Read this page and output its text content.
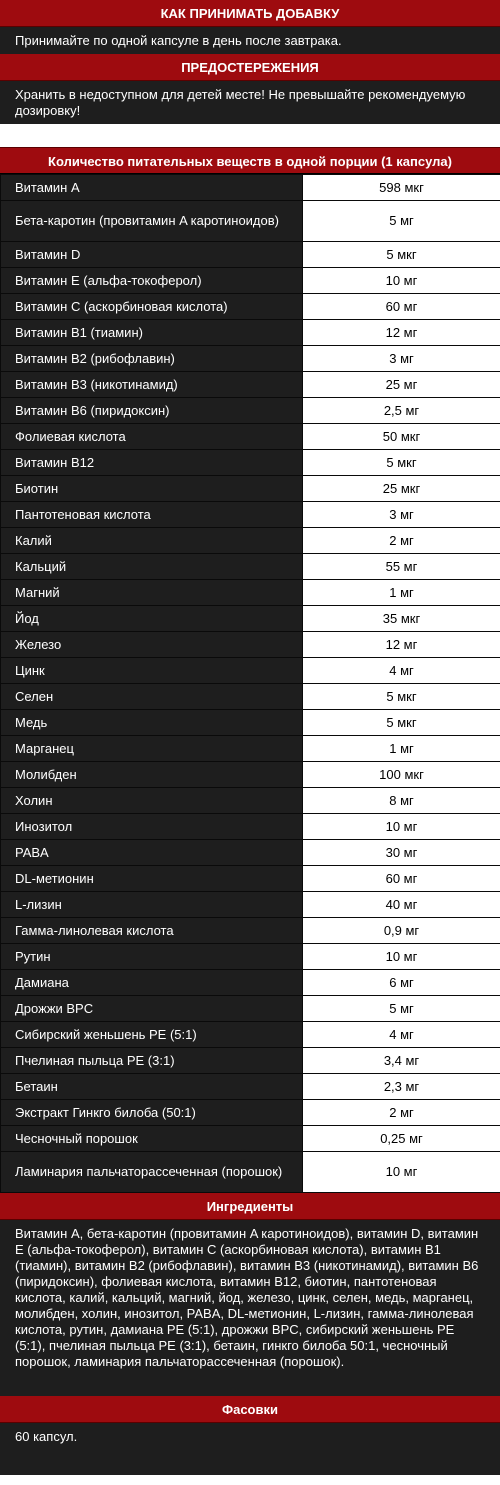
КАК ПРИНИМАТЬ ДОБАВКУ
Принимайте по одной капсуле в день после завтрака.
ПРЕДОСТЕРЕЖЕНИЯ
Хранить в недоступном для детей месте! Не превышайте рекомендуемую дозировку!
Количество питательных веществ в одной порции (1 капсула)
Витамин A	598 мкг
Бета-каротин (провитамин A каротиноидов)	5 мг
Витамин D	5 мкг
Витамин E (альфа-токоферол)	10 мг
Витамин C (аскорбиновая кислота)	60 мг
Витамин B1 (тиамин)	12 мг
Витамин B2 (рибофлавин)	3 мг
Витамин B3 (никотинамид)	25 мг
Витамин B6 (пиридоксин)	2,5 мг
Фолиевая кислота	50 мкг
Витамин B12	5 мкг
Биотин	25 мкг
Пантотеновая кислота	3 мг
Калий	2 мг
Кальций	55 мг
Магний	1 мг
Йод	35 мкг
Железо	12 мг
Цинк	4 мг
Селен	5 мкг
Медь	5 мкг
Марганец	1 мг
Молибден	100 мкг
Холин	8 мг
Инозитол	10 мг
PABA	30 мг
DL-метионин	60 мг
L-лизин	40 мг
Гамма-линолевая кислота	0,9 мг
Рутин	10 мг
Дамиана	6 мг
Дрожжи BPC	5 мг
Сибирский женьшень PE (5:1)	4 мг
Пчелиная пыльца PE (3:1)	3,4 мг
Бетаин	2,3 мг
Экстракт Гинкго билоба (50:1)	2 мг
Чесночный порошок	0,25 мг
Ламинария пальчаторассеченная (порошок)	10 мг
Ингредиенты
Витамин A, бета-каротин (провитамин A каротиноидов), витамин D, витамин E (альфа-токоферол), витамин C (аскорбиновая кислота), витамин B1 (тиамин), витамин B2 (рибофлавин), витамин B3 (никотинамид), витамин B6 (пиридоксин), фолиевая кислота, витамин B12, биотин, пантотеновая кислота, калий, кальций, магний, йод, железо, цинк, селен, медь, марганец, молибден, холин, инозитол, PABA, DL-метионин, L-лизин, гамма-линолевая кислота, рутин, дамиана PE (5:1), дрожжи BPC, сибирский женьшень PE (5:1), пчелиная пыльца PE (3:1), бетаин, гинкго билоба 50:1, чесночный порошок, ламинария пальчаторассеченная (порошок).
Фасовки
60 капсул.
